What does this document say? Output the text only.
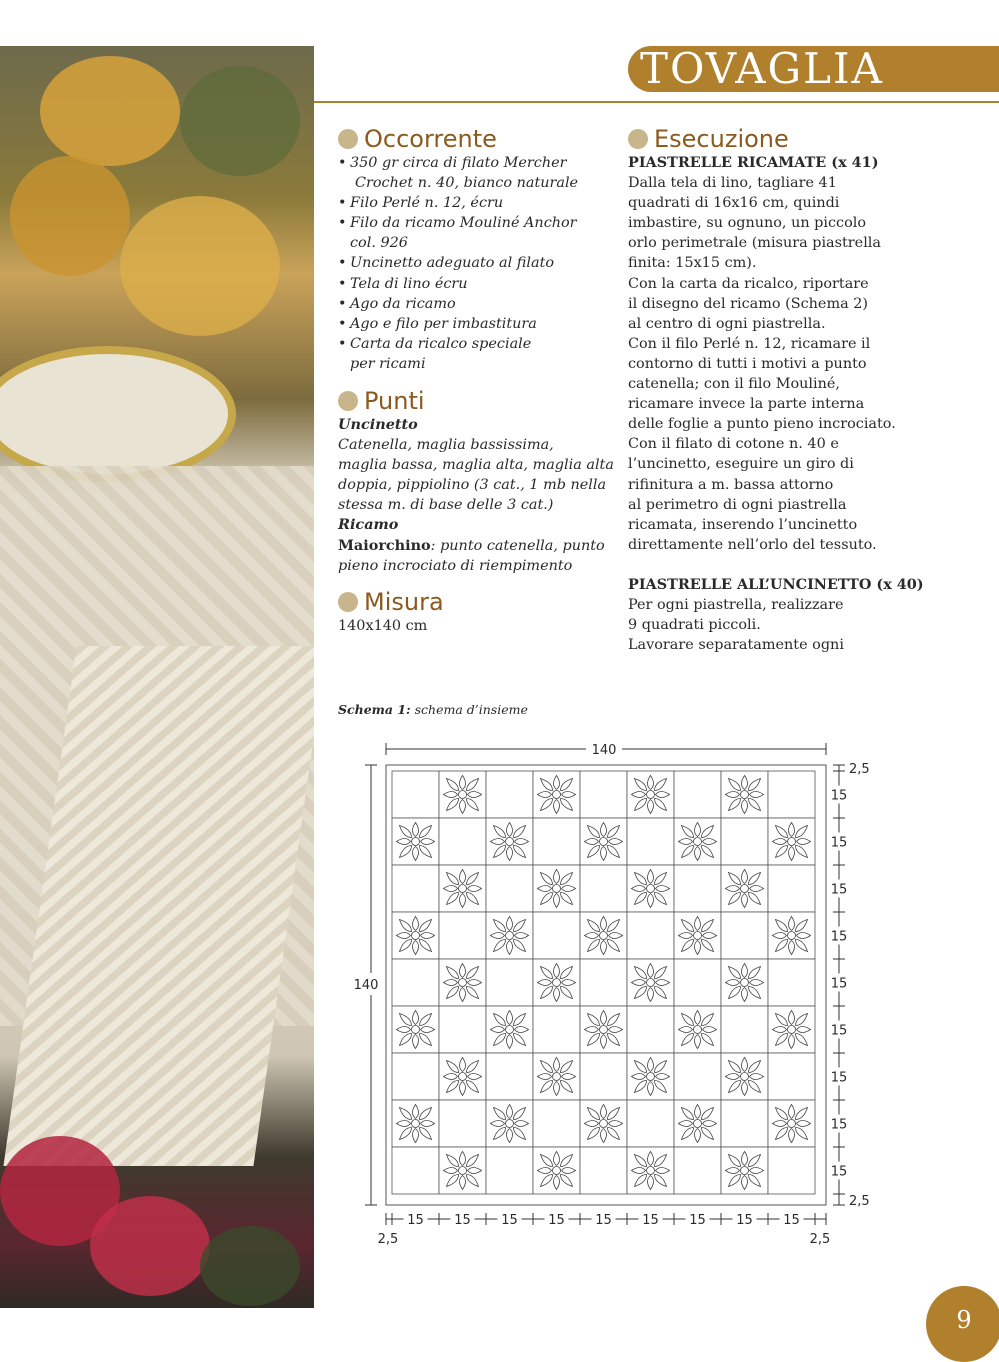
TOVAGLIA
Occorrente
• 350 gr circa di filato Mercher
Crochet n. 40, bianco naturale
• Filo Perlé n. 12, écru
• Filo da ricamo Mouliné Anchor
col. 926
• Uncinetto adeguato al filato
• Tela di lino écru
• Ago da ricamo
• Ago e filo per imbastitura
• Carta da ricalco speciale
per ricami
Punti
Uncinetto
Catenella, maglia bassissima,
maglia bassa, maglia alta, maglia alta
doppia, pippiolino (3 cat., 1 mb nella
stessa m. di base delle 3 cat.)
Ricamo
Maiorchino: punto catenella, punto
pieno incrociato di riempimento
Misura
140x140 cm
Esecuzione
PIASTRELLE RICAMATE (x 41)
Dalla tela di lino, tagliare 41
quadrati di 16x16 cm, quindi
imbastire, su ognuno, un piccolo
orlo perimetrale (misura piastrella
finita: 15x15 cm).
Con la carta da ricalco, riportare
il disegno del ricamo (Schema 2)
al centro di ogni piastrella.
Con il filo Perlé n. 12, ricamare il
contorno di tutti i motivi a punto
catenella; con il filo Mouliné,
ricamare invece la parte interna
delle foglie a punto pieno incrociato.
Con il filato di cotone n. 40 e
l’uncinetto, eseguire un giro di
rifinitura a m. bassa attorno
al perimetro di ogni piastrella
ricamata, inserendo l’uncinetto
direttamente nell’orlo del tessuto.
PIASTRELLE ALL’UNCINETTO (x 40)
Per ogni piastrella, realizzare
9 quadrati piccoli.
Lavorare separatamente ogni
Schema 1: schema d’insieme
140
140
2,5
2,5
15
15
15
15
15
15
15
15
15
15 15 15 15 15 15 15 15 15
2,5	2,5
9
